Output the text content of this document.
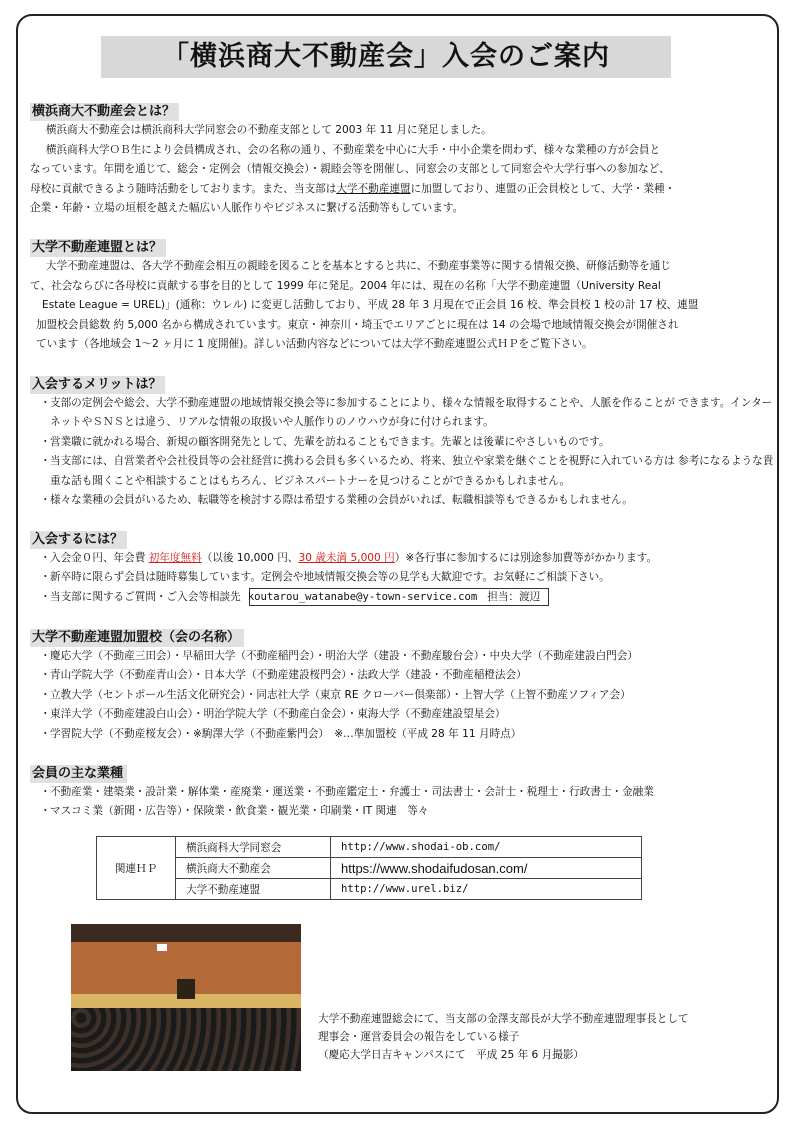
「横浜商大不動産会」入会のご案内
横浜商大不動産会とは？

横浜商大不動産会は横浜商科大学同窓会の不動産支部として 2003 年 11 月に発足しました。

横浜商科大学ＯＢ生により会員構成され、会の名称の通り、不動産業を中心に大手・中小企業を問わず、様々な業種の方が会員と

なっています。年間を通じて、総会・定例会（情報交換会）・親睦会等を開催し、同窓会の支部として同窓会や大学行事への参加など、

母校に貢献できるよう随時活動をしております。また、当支部は大学不動産連盟に加盟しており、連盟の正会員校として、大学・業種・

企業・年齢・立場の垣根を越えた幅広い人脈作りやビジネスに繋げる活動等もしています。

大学不動産連盟とは？

大学不動産連盟は、各大学不動産会相互の親睦を図ることを基本とすると共に、不動産事業等に関する情報交換、研修活動等を通じ

て、社会ならびに各母校に貢献する事を目的として 1999 年に発足。2004 年には、現在の名称「大学不動産連盟（University Real

Estate League = UREL)」(通称：ウレル) に変更し活動しており、平成 28 年 3 月現在で正会員 16 校、準会員校 1 校の計 17 校、連盟

加盟校会員総数 約 5,000 名から構成されています。東京・神奈川・埼玉でエリアごとに現在は 14 の会場で地域情報交換会が開催され

ています（各地域会 1～2 ヶ月に 1 度開催)。詳しい活動内容などについては大学不動産連盟公式ＨＰをご覧下さい。

入会するメリットは？
・ 支部の定例会や総会、大学不動産連盟の地域情報交換会等に参加することにより、様々な情報を取得することや、人脈を作ることが できます。インターネットやＳＮＳとは違う、リアルな情報の取扱いや人脈作りのノウハウが身に付けられます。
・ 営業職に就かれる場合、新規の顧客開発先として、先輩を訪ねることもできます。先輩とは後輩にやさしいものです。
・ 当支部には、自営業者や会社役員等の会社経営に携わる会員も多くいるため、将来、独立や家業を継ぐことを視野に入れている方は 参考になるような貴重な話も聞くことや相談することはもちろん、ビジネスパートナーを見つけることができるかもしれません。
・ 様々な業種の会員がいるため、転職等を検討する際は希望する業種の会員がいれば、転職相談等もできるかもしれません。
入会するには？
・ 入会金０円、年会費 初年度無料（以後 10,000 円、30 歳未満 5,000 円）※各行事に参加するには別途参加費等がかかります。
・ 新卒時に限らず会員は随時募集しています。定例会や地域情報交換会等の見学も大歓迎です。お気軽にご相談下さい。
・ 当支部に関するご質問・ご入会等相談先 koutarou_watanabe@y-town-service.com 担当：渡辺
大学不動産連盟加盟校（会の名称）
・ 慶応大学（不動産三田会）・早稲田大学（不動産稲門会）・明治大学（建設・不動産駿台会）・中央大学（不動産建設白門会）
・ 青山学院大学（不動産青山会）・日本大学（不動産建設桜門会）・法政大学（建設・不動産稲橙法会）
・ 立教大学（セントポール生活文化研究会）・同志社大学（東京 RE クローバー倶楽部）・上智大学（上智不動産ソフィア会）
・ 東洋大学（不動産建設白山会）・明治学院大学（不動産白金会）・東海大学（不動産建設望星会）
・ 学習院大学（不動産桜友会）・※駒澤大学（不動産紫門会）　※…準加盟校（平成 28 年 11 月時点）
会員の主な業種
・ 不動産業・建築業・設計業・解体業・産廃業・運送業・不動産鑑定士・弁護士・司法書士・会計士・税理士・行政書士・金融業
・ マスコミ業（新聞・広告等）・保険業・飲食業・観光業・印刷業・IT 関連　等々
関連ＨＰ	横浜商科大学同窓会	http://www.shodai-ob.com/
	横浜商大不動産会	https://www.shodaifudosan.com/
	大学不動産連盟	http://www.urel.biz/
大学不動産連盟総会にて、当支部の金澤支部長が大学不動産連盟理事長として
理事会・運営委員会の報告をしている様子
（慶応大学日吉キャンパスにて　平成 25 年 6 月撮影）
